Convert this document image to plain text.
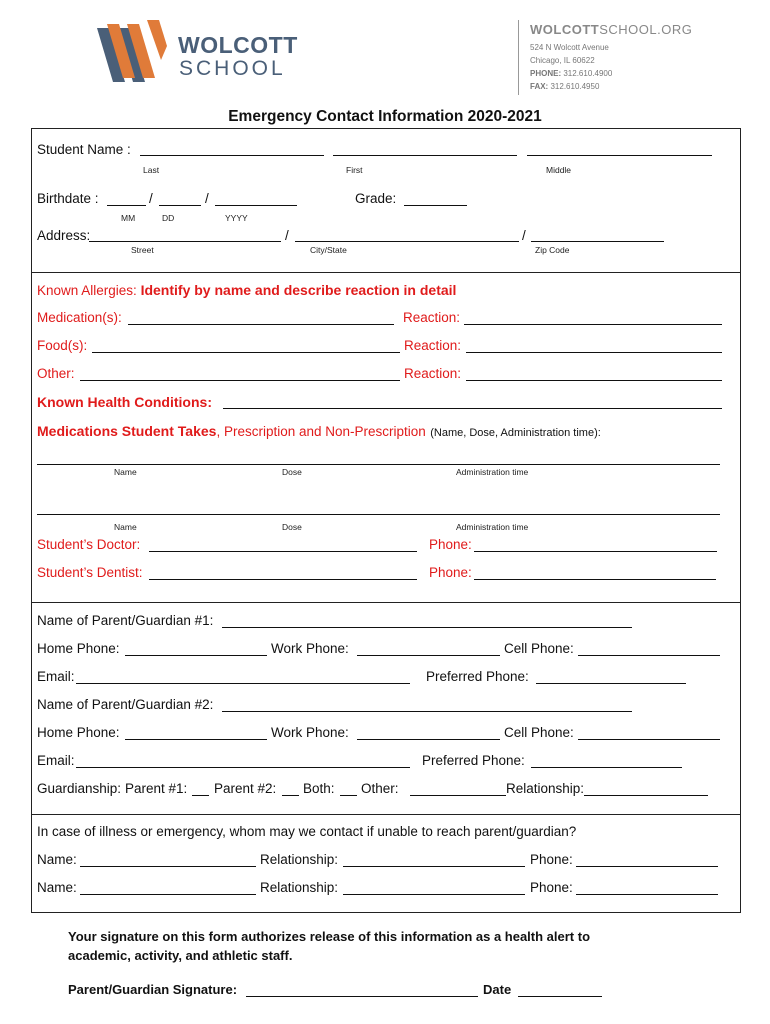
WOLCOTT
SCHOOL
WOLCOTTSCHOOL.ORG
524 N Wolcott Avenue
Chicago, IL 60622
PHONE: 312.610.4900
FAX: 312.610.4950
Emergency Contact Information 2020-2021
Student Name :
Last	First	Middle
Birthdate :	/	/
MM	DD	YYYY
Grade:
Address:	/	/
Street	City/State	Zip Code
Known Allergies: Identify by name and describe reaction in detail
Medication(s):	Reaction:
Food(s):	Reaction:
Other:	Reaction:
Known Health Conditions:
Medications Student Takes, Prescription and Non-Prescription (Name, Dose, Administration time):
Name	Dose	Administration time
Name	Dose	Administration time
Student’s Doctor:	Phone:
Student’s Dentist:	Phone:
Name of Parent/Guardian #1:
Home Phone:	Work Phone:	Cell Phone:
Email:	Preferred Phone:
Name of Parent/Guardian #2:
Home Phone:	Work Phone:	Cell Phone:
Email:	Preferred Phone:
Guardianship: Parent #1: Parent #2: Both: Other:	Relationship:
In case of illness or emergency, whom may we contact if unable to reach parent/guardian?
Name:	Relationship:	Phone:
Name:	Relationship:	Phone:
Your signature on this form authorizes release of this information as a health alert to
academic, activity, and athletic staff.
Parent/Guardian Signature:	Date
